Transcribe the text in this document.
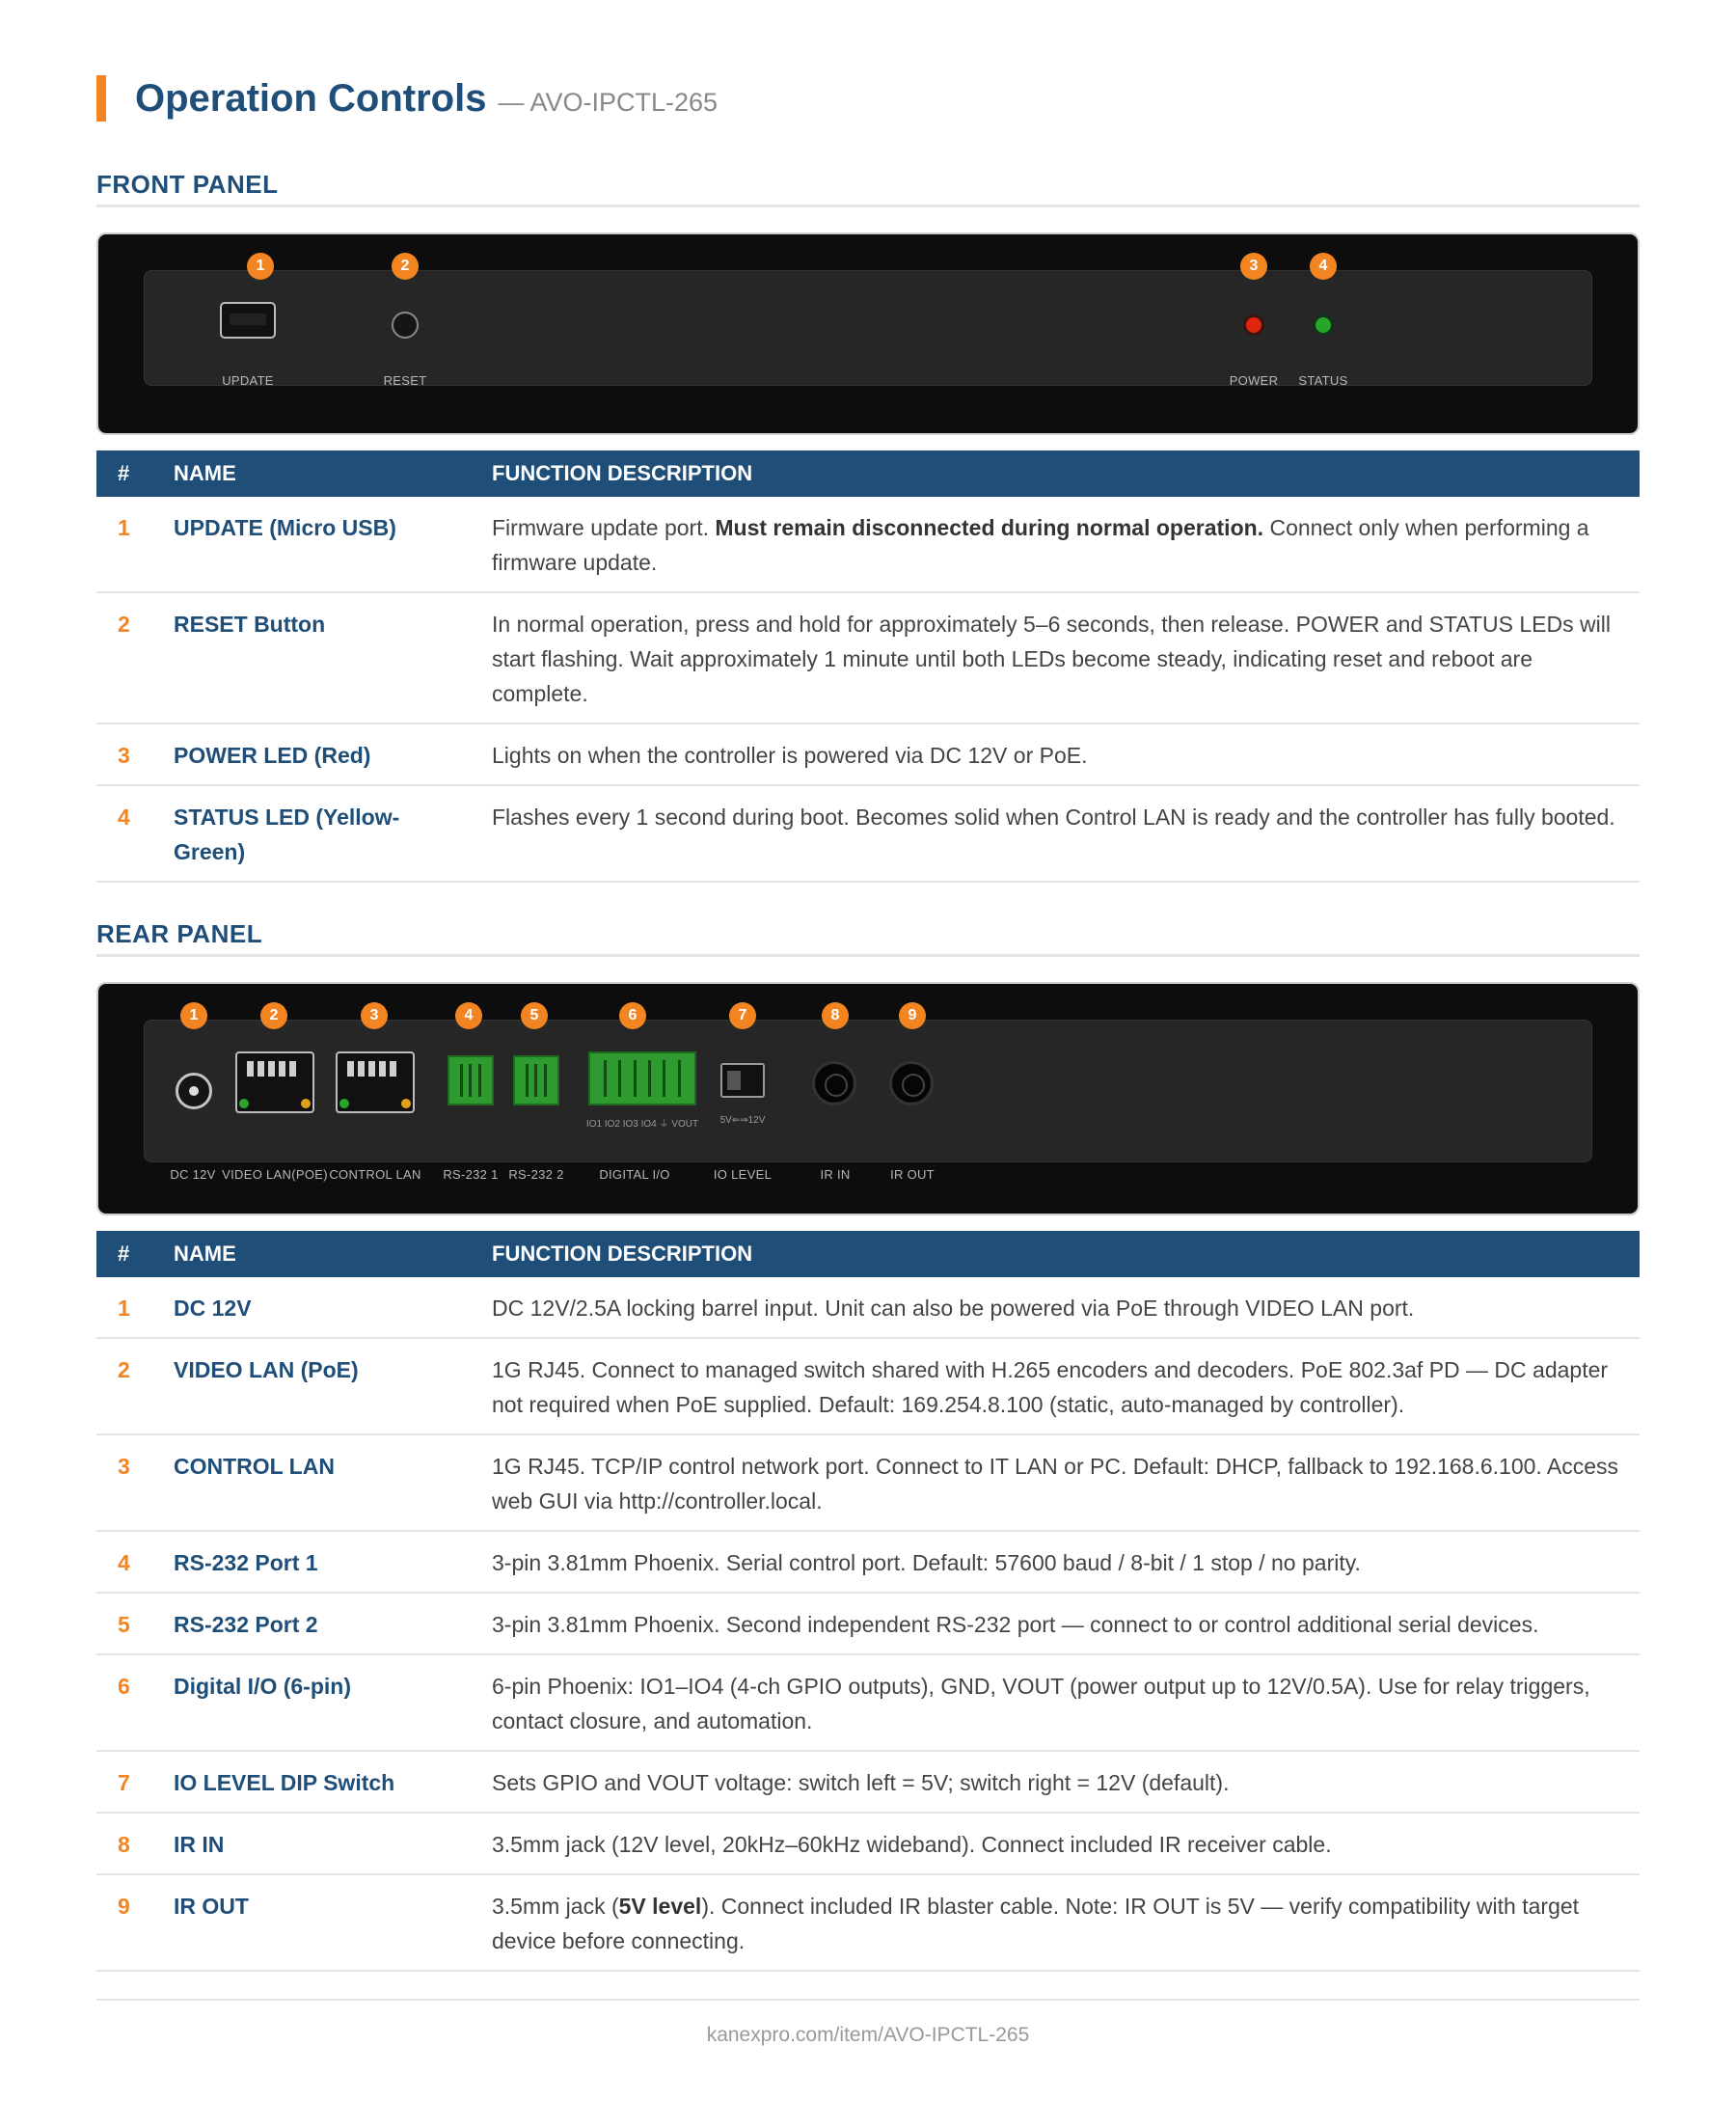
Operation Controls — AVO-IPCTL-265
FRONT PANEL
1	2	3	4
UPDATE	RESET	POWER STATUS
#	NAME	FUNCTION DESCRIPTION
1	UPDATE (Micro USB)	Firmware update port. Must remain disconnected during normal operation. Connect only when performing a firmware update.
2	RESET Button	In normal operation, press and hold for approximately 5–6 seconds, then release. POWER and STATUS LEDs will start flashing. Wait approximately 1 minute until both LEDs become steady, indicating reset and reboot are complete.
3	POWER LED (Red)	Lights on when the controller is powered via DC 12V or PoE.
4	STATUS LED (Yellow-Green)	Flashes every 1 second during boot. Becomes solid when Control LAN is ready and the controller has fully booted.
REAR PANEL
1	2	3	4	5	6	7	8	9
IO1 IO2 IO3 IO4 ⏚ VOUT 5V⇐⇒12V
DC 12V VIDEO LAN(POE) CONTROL LAN RS-232 1 RS-232 2	DIGITAL I/O	IO LEVEL	IR IN	IR OUT
#	NAME	FUNCTION DESCRIPTION
1	DC 12V	DC 12V/2.5A locking barrel input. Unit can also be powered via PoE through VIDEO LAN port.
2	VIDEO LAN (PoE)	1G RJ45. Connect to managed switch shared with H.265 encoders and decoders. PoE 802.3af PD — DC adapter not required when PoE supplied. Default: 169.254.8.100 (static, auto-managed by controller).
3	CONTROL LAN	1G RJ45. TCP/IP control network port. Connect to IT LAN or PC. Default: DHCP, fallback to 192.168.6.100. Access web GUI via http://controller.local.
4	RS-232 Port 1	3-pin 3.81mm Phoenix. Serial control port. Default: 57600 baud / 8-bit / 1 stop / no parity.
5	RS-232 Port 2	3-pin 3.81mm Phoenix. Second independent RS-232 port — connect to or control additional serial devices.
6	Digital I/O (6-pin)	6-pin Phoenix: IO1–IO4 (4-ch GPIO outputs), GND, VOUT (power output up to 12V/0.5A). Use for relay triggers, contact closure, and automation.
7	IO LEVEL DIP Switch	Sets GPIO and VOUT voltage: switch left = 5V; switch right = 12V (default).
8	IR IN	3.5mm jack (12V level, 20kHz–60kHz wideband). Connect included IR receiver cable.
9	IR OUT	3.5mm jack (5V level). Connect included IR blaster cable. Note: IR OUT is 5V — verify compatibility with target device before connecting.
kanexpro.com/item/AVO-IPCTL-265
